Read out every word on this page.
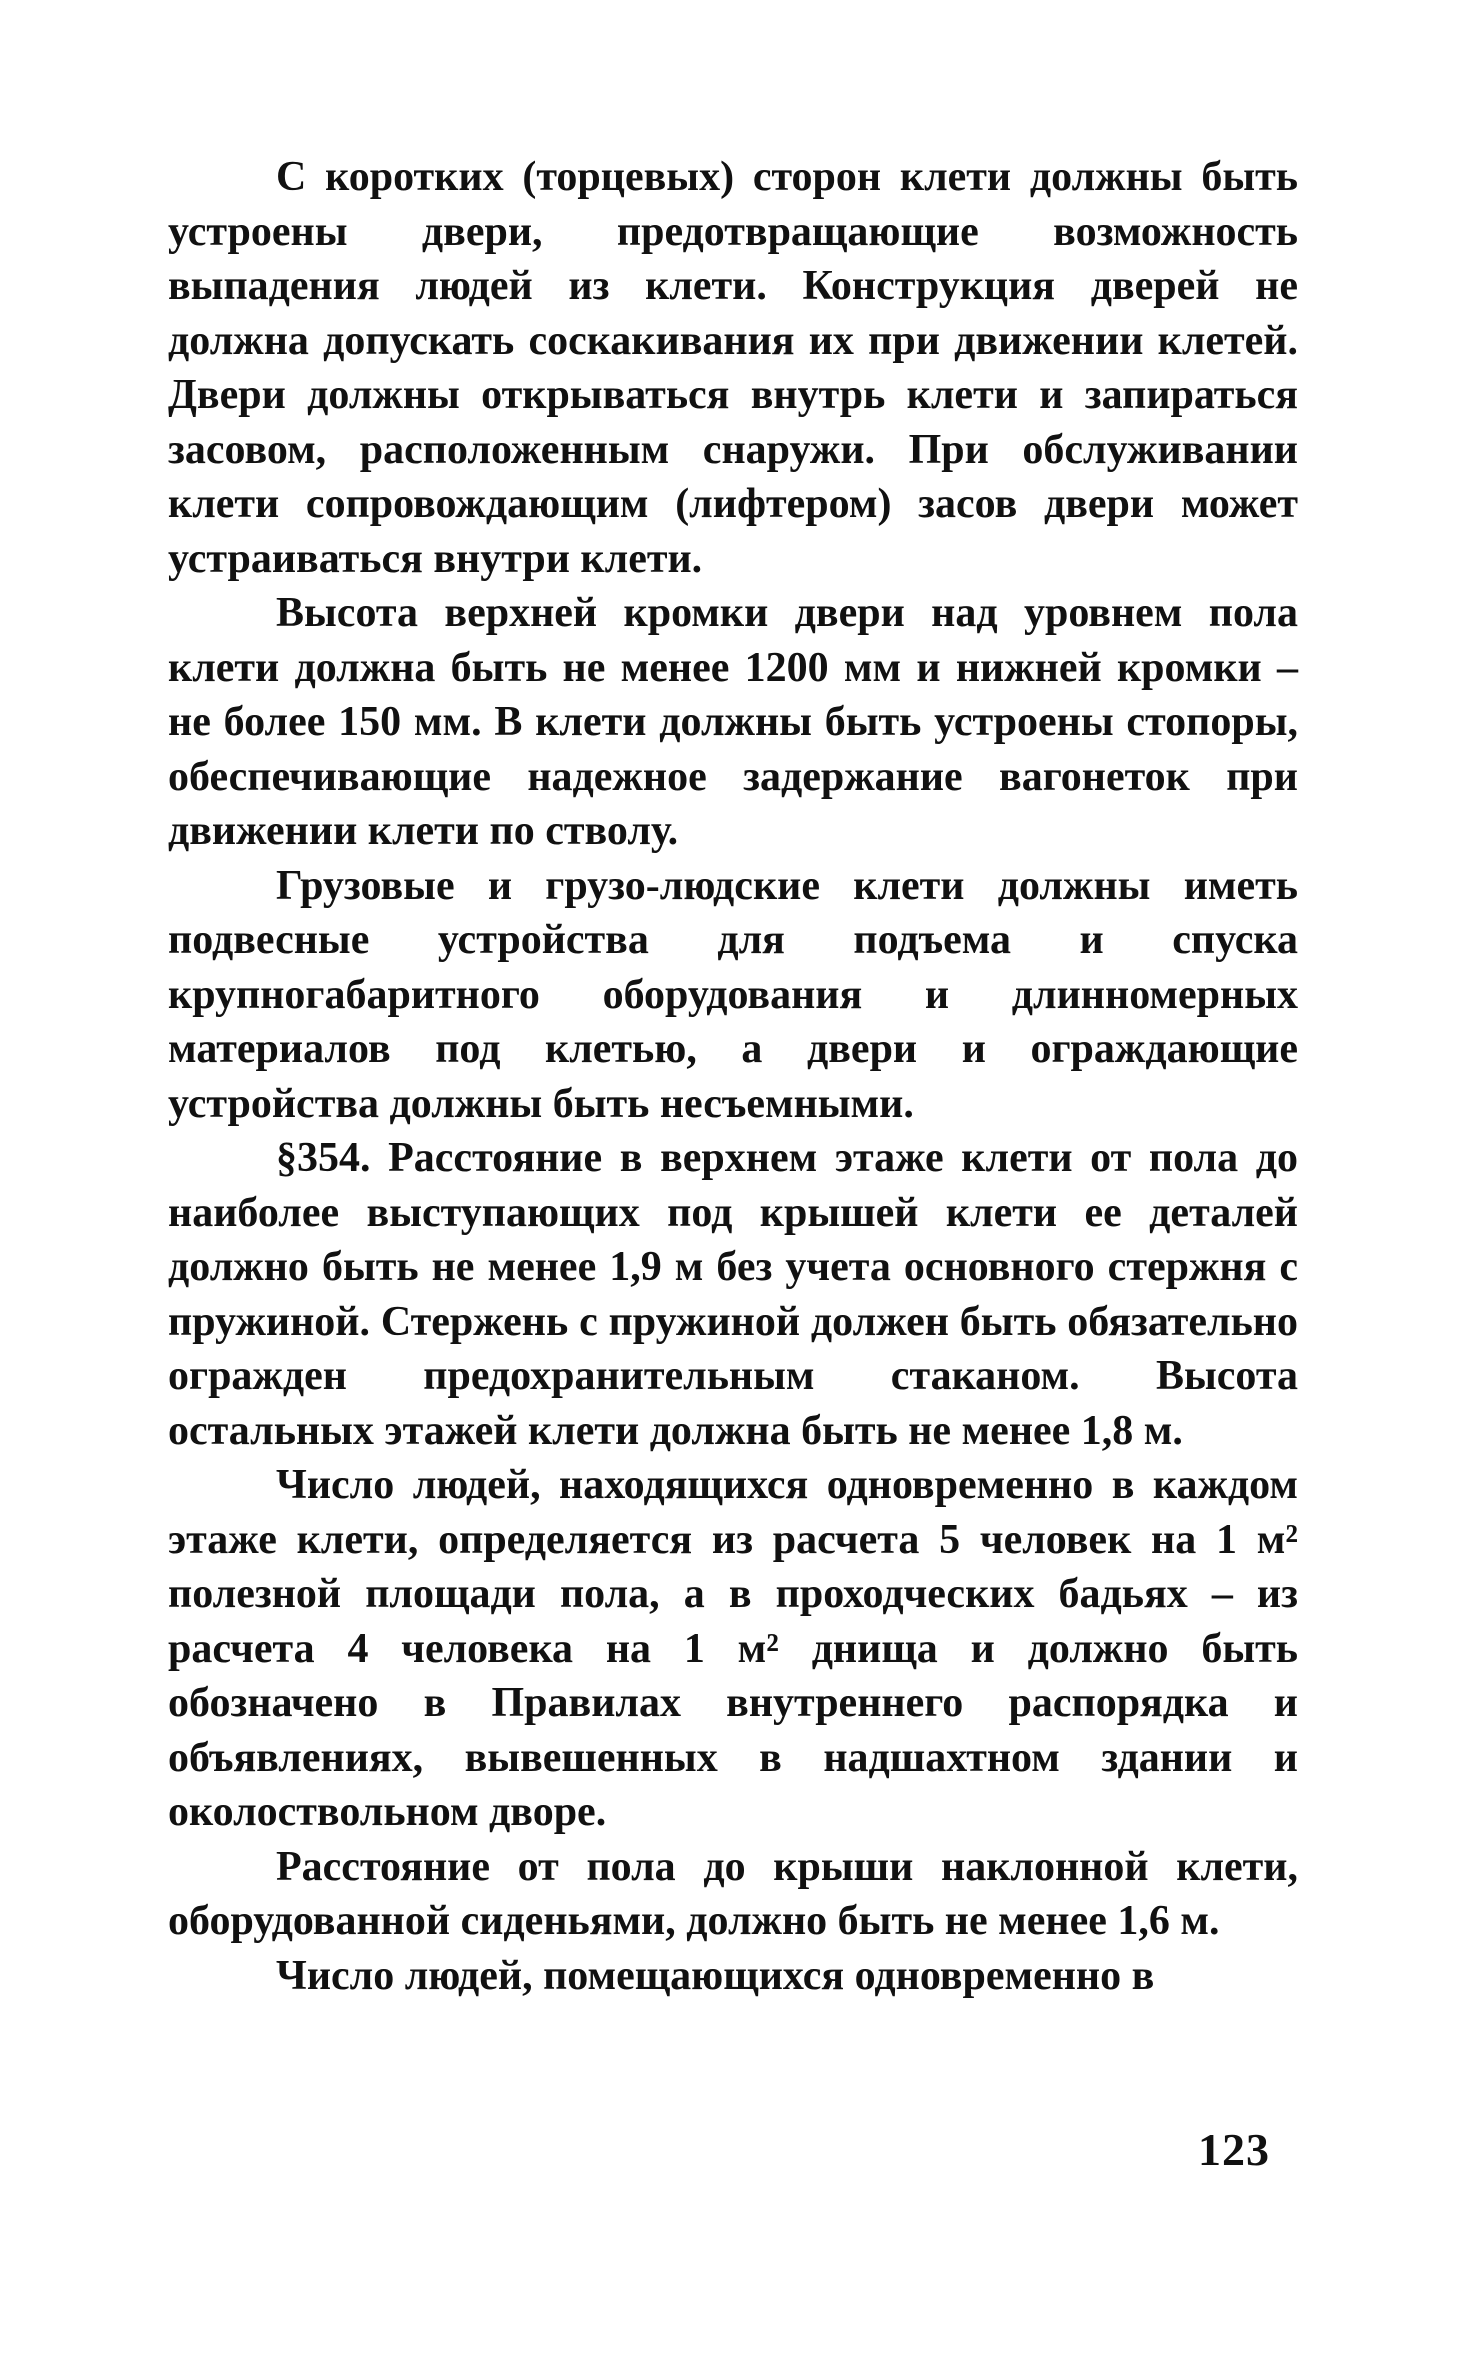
С коротких (торцевых) сторон клети должны быть устроены двери, предотвращающие возможность выпадения людей из клети. Конструкция дверей не должна допускать соскакивания их при движении клетей. Двери должны открываться внутрь клети и запираться засовом, расположенным снаружи. При обслуживании клети сопровождающим (лифтером) засов двери может устраиваться внутри клети.

Высота верхней кромки двери над уровнем пола клети должна быть не менее 1200 мм и нижней кромки – не более 150 мм. В клети должны быть устроены стопоры, обеспечивающие надежное задержание вагонеток при движении клети по стволу.

Грузовые и грузо-людские клети должны иметь подвесные устройства для подъема и спуска крупногабаритного оборудования и длинномерных материалов под клетью, а двери и ограждающие устройства должны быть несъемными.

§354. Расстояние в верхнем этаже клети от пола до наиболее выступающих под крышей клети ее деталей должно быть не менее 1,9 м без учета основного стержня с пружиной. Стержень с пружиной должен быть обязательно огражден предохранительным стаканом. Высота остальных этажей клети должна быть не менее 1,8 м.

Число людей, находящихся одновременно в каждом этаже клети, определяется из расчета 5 человек на 1 м² полезной площади пола, а в проходческих бадьях – из расчета 4 человека на 1 м² днища и должно быть обозначено в Правилах внутреннего распорядка и объявлениях, вывешенных в надшахтном здании и околоствольном дворе.

Расстояние от пола до крыши наклонной клети, оборудованной сиденьями, должно быть не менее 1,6 м.

Число людей, помещающихся одновременно в

123
